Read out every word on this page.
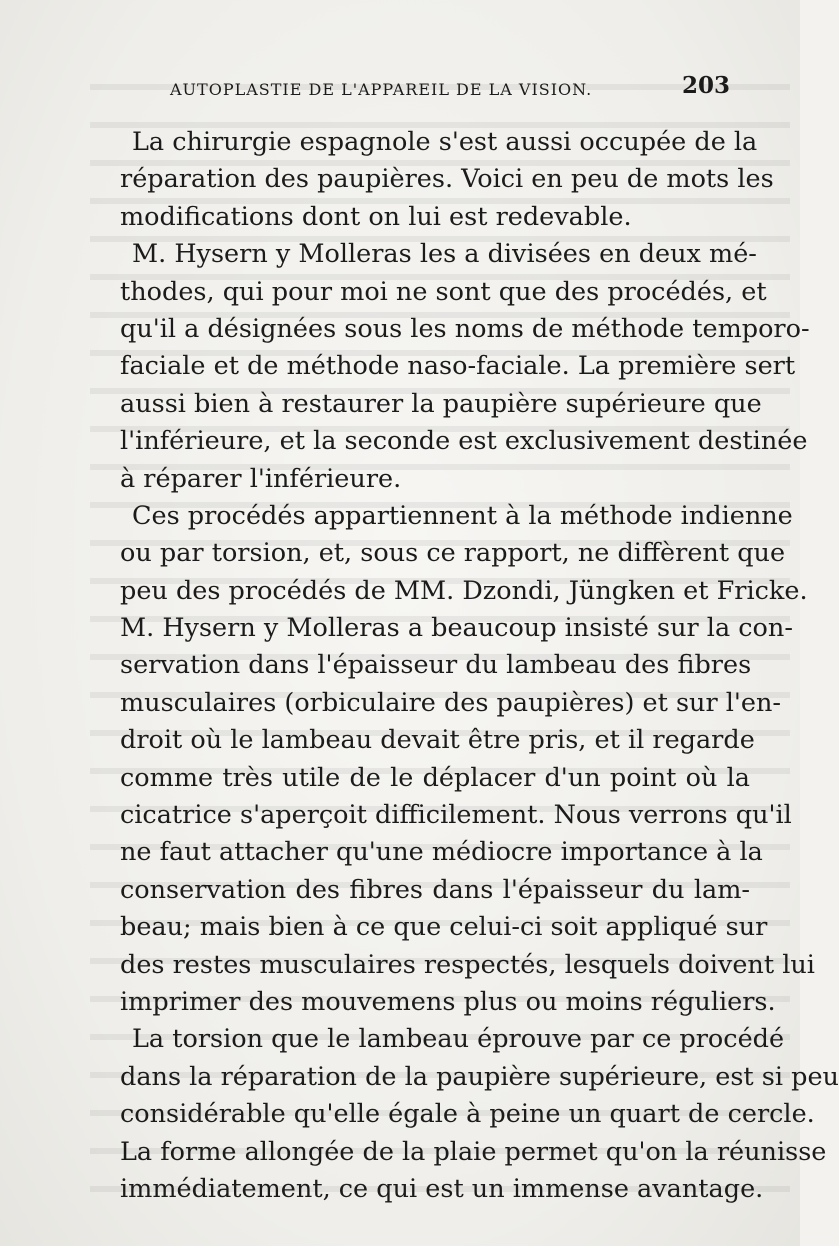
AUTOPLASTIE DE L'APPAREIL DE LA VISION.	203
La chirurgie espagnole s'est aussi occupée de la
réparation des paupières. Voici en peu de mots les
modifications dont on lui est redevable.
M. Hysern y Molleras les a divisées en deux mé-
thodes, qui pour moi ne sont que des procédés, et
qu'il a désignées sous les noms de méthode temporo-
faciale et de méthode naso-faciale. La première sert
aussi bien à restaurer la paupière supérieure que
l'inférieure, et la seconde est exclusivement destinée
à réparer l'inférieure.
Ces procédés appartiennent à la méthode indienne
ou par torsion, et, sous ce rapport, ne diffèrent que
peu des procédés de MM. Dzondi, Jüngken et Fricke.
M. Hysern y Molleras a beaucoup insisté sur la con-
servation dans l'épaisseur du lambeau des fibres
musculaires (orbiculaire des paupières) et sur l'en-
droit où le lambeau devait être pris, et il regarde
comme très utile de le déplacer d'un point où la
cicatrice s'aperçoit difficilement. Nous verrons qu'il
ne faut attacher qu'une médiocre importance à la
conservation des fibres dans l'épaisseur du lam-
beau; mais bien à ce que celui-ci soit appliqué sur
des restes musculaires respectés, lesquels doivent lui
imprimer des mouvemens plus ou moins réguliers.
La torsion que le lambeau éprouve par ce procédé
dans la réparation de la paupière supérieure, est si peu
considérable qu'elle égale à peine un quart de cercle.
La forme allongée de la plaie permet qu'on la réunisse
immédiatement, ce qui est un immense avantage.
